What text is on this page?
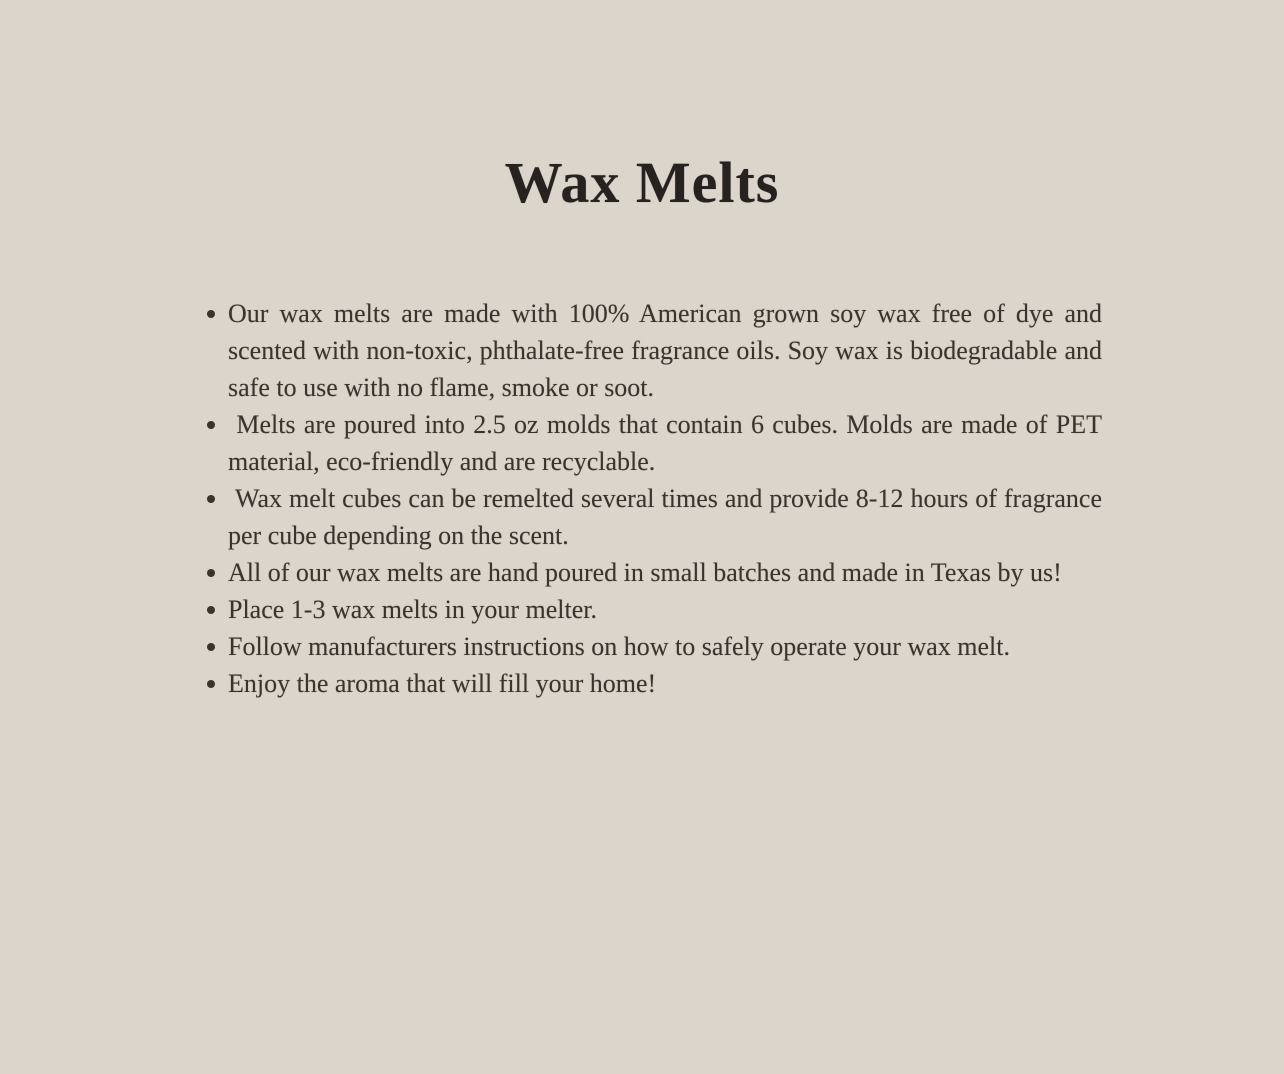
Wax Melts
Our wax melts are made with 100% American grown soy wax free of dye and scented with non-toxic, phthalate-free fragrance oils. Soy wax is biodegradable and safe to use with no flame, smoke or soot.
Melts are poured into 2.5 oz molds that contain 6 cubes. Molds are made of PET material, eco-friendly and are recyclable.
Wax melt cubes can be remelted several times and provide 8-12 hours of fragrance per cube depending on the scent.
All of our wax melts are hand poured in small batches and made in Texas by us!
Place 1-3 wax melts in your melter.
Follow manufacturers instructions on how to safely operate your wax melt.
Enjoy the aroma that will fill your home!
